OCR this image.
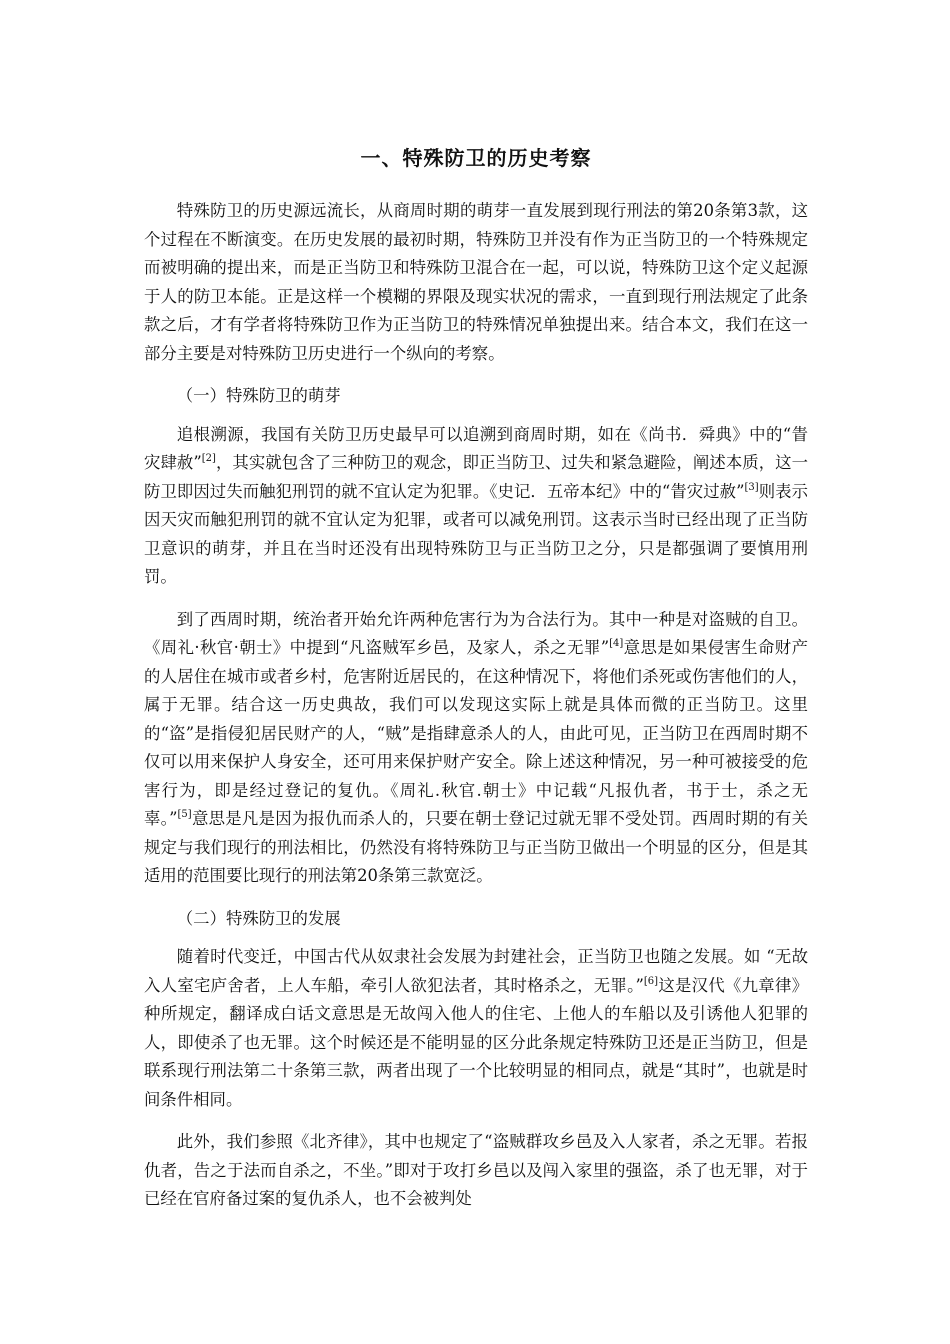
一、特殊防卫的历史考察

特殊防卫的历史源远流长，从商周时期的萌芽一直发展到现行刑法的第20条第3款，这个过程在不断演变。在历史发展的最初时期，特殊防卫并没有作为正当防卫的一个特殊规定而被明确的提出来，而是正当防卫和特殊防卫混合在一起，可以说，特殊防卫这个定义起源于人的防卫本能。正是这样一个模糊的界限及现实状况的需求，一直到现行刑法规定了此条款之后，才有学者将特殊防卫作为正当防卫的特殊情况单独提出来。结合本文，我们在这一部分主要是对特殊防卫历史进行一个纵向的考察。

（一）特殊防卫的萌芽

追根溯源，我国有关防卫历史最早可以追溯到商周时期，如在《尚书．舜典》中的“眚灾肆赦”[2]，其实就包含了三种防卫的观念，即正当防卫、过失和紧急避险，阐述本质，这一防卫即因过失而触犯刑罚的就不宜认定为犯罪。《史记．五帝本纪》中的“眚灾过赦”[3]则表示因天灾而触犯刑罚的就不宜认定为犯罪，或者可以减免刑罚。这表示当时已经出现了正当防卫意识的萌芽，并且在当时还没有出现特殊防卫与正当防卫之分，只是都强调了要慎用刑罚。

到了西周时期，统治者开始允许两种危害行为为合法行为。其中一种是对盗贼的自卫。《周礼·秋官·朝士》中提到“凡盗贼军乡邑，及家人，杀之无罪”[4]意思是如果侵害生命财产的人居住在城市或者乡村，危害附近居民的，在这种情况下，将他们杀死或伤害他们的人，属于无罪。结合这一历史典故，我们可以发现这实际上就是具体而微的正当防卫。这里的“盗”是指侵犯居民财产的人，“贼”是指肆意杀人的人，由此可见，正当防卫在西周时期不仅可以用来保护人身安全，还可用来保护财产安全。除上述这种情况，另一种可被接受的危害行为，即是经过登记的复仇。《周礼.秋官.朝士》中记载“凡报仇者，书于士，杀之无辜。”[5]意思是凡是因为报仇而杀人的，只要在朝士登记过就无罪不受处罚。西周时期的有关规定与我们现行的刑法相比，仍然没有将特殊防卫与正当防卫做出一个明显的区分，但是其适用的范围要比现行的刑法第20条第三款宽泛。

（二）特殊防卫的发展

随着时代变迁，中国古代从奴隶社会发展为封建社会，正当防卫也随之发展。如 “无故入人室宅庐舍者，上人车船，牵引人欲犯法者，其时格杀之，无罪。”[6]这是汉代《九章律》种所规定，翻译成白话文意思是无故闯入他人的住宅、上他人的车船以及引诱他人犯罪的人，即使杀了也无罪。这个时候还是不能明显的区分此条规定特殊防卫还是正当防卫，但是联系现行刑法第二十条第三款，两者出现了一个比较明显的相同点，就是“其时”，也就是时间条件相同。

此外，我们参照《北齐律》，其中也规定了“盗贼群攻乡邑及入人家者，杀之无罪。若报仇者，告之于法而自杀之，不坐。”即对于攻打乡邑以及闯入家里的强盗，杀了也无罪，对于已经在官府备过案的复仇杀人，也不会被判处
